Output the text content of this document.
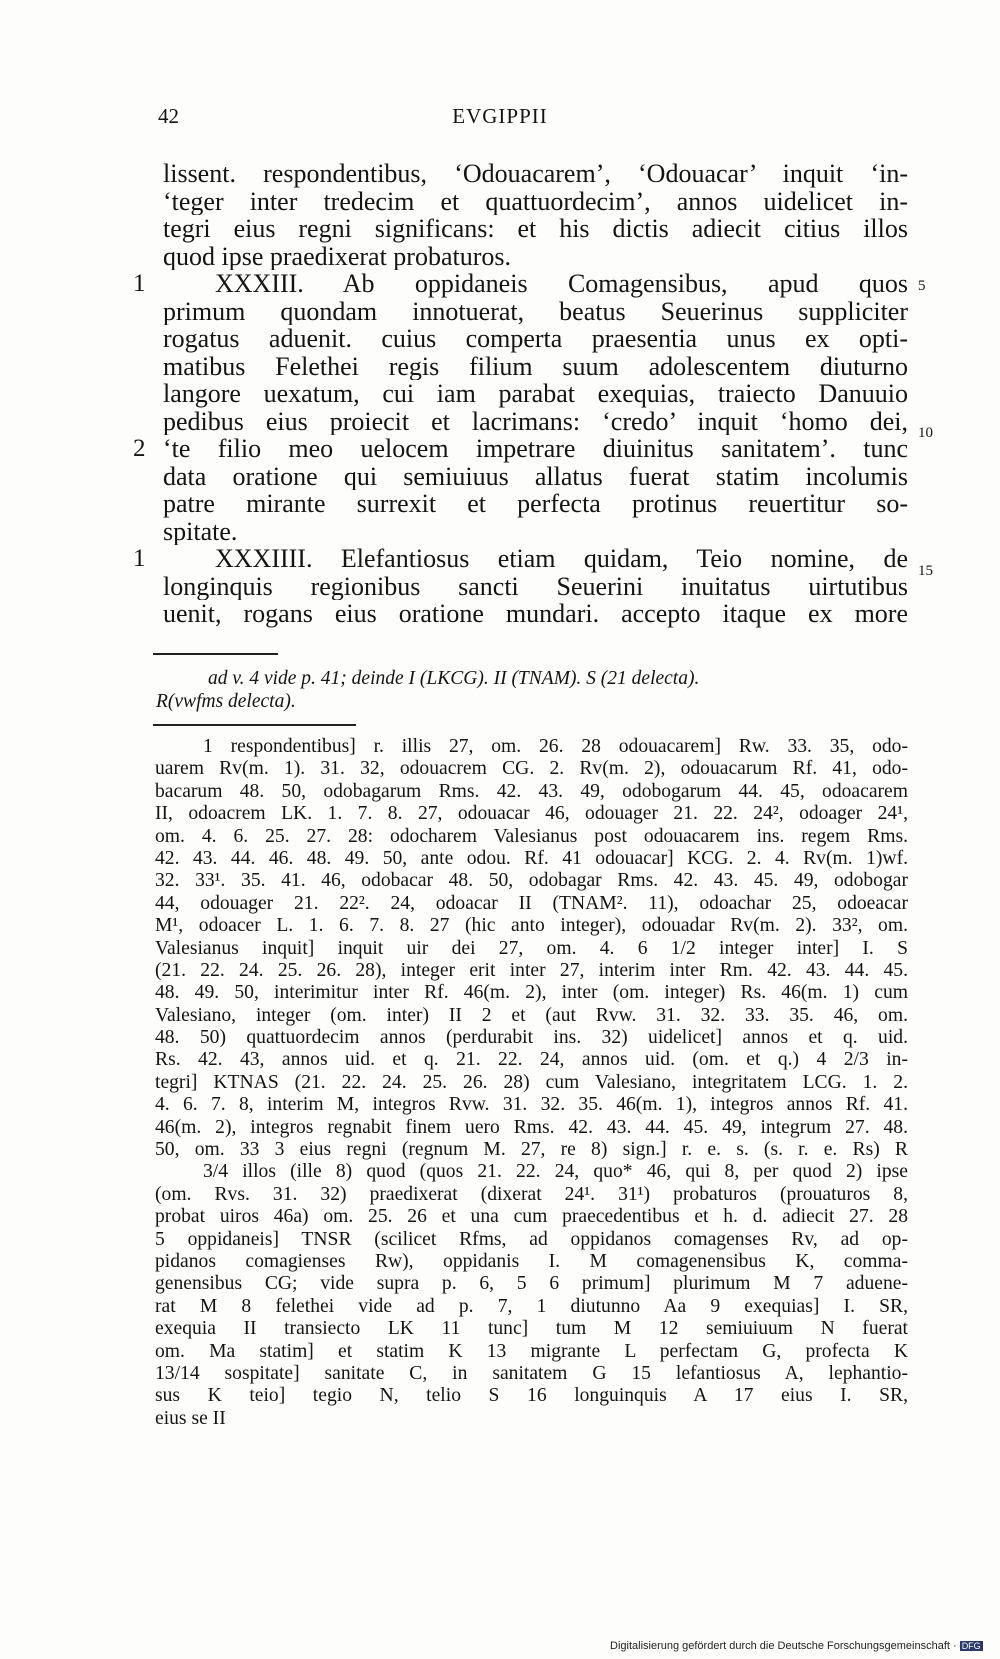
42	EVGIPPII
lissent. respondentibus, ‘Odouacarem’, ‘Odouacar’ inquit ‘in-
‘teger inter tredecim et quattuordecim’, annos uidelicet in-
tegri eius regni significans: et his dictis adiecit citius illos
quod ipse praedixerat probaturos.
XXXIII. Ab oppidaneis Comagensibus, apud quos
primum quondam innotuerat, beatus Seuerinus suppliciter
rogatus aduenit. cuius comperta praesentia unus ex opti-
matibus Felethei regis filium suum adolescentem diuturno
langore uexatum, cui iam parabat exequias, traiecto Danuuio
pedibus eius proiecit et lacrimans: ‘credo’ inquit ‘homo dei,
‘te filio meo uelocem impetrare diuinitus sanitatem’. tunc
data oratione qui semiuiuus allatus fuerat statim incolumis
patre mirante surrexit et perfecta protinus reuertitur so-
spitate.
XXXIIII. Elefantiosus etiam quidam, Teio nomine, de
longinquis regionibus sancti Seuerini inuitatus uirtutibus
uenit, rogans eius oratione mundari. accepto itaque ex more
1
2
1
5
10
15
ad v. 4 vide p. 41; deinde I (LKCG). II (TNAM). S (21 delecta).
R(vwfms delecta).
1 respondentibus] r. illis 27, om. 26. 28 odouacarem] Rw. 33. 35, odo-
uarem Rv(m. 1). 31. 32, odouacrem CG. 2. Rv(m. 2), odouacarum Rf. 41, odo-
bacarum 48. 50, odobagarum Rms. 42. 43. 49, odobogarum 44. 45, odoacarem
II, odoacrem LK. 1. 7. 8. 27, odouacar 46, odouager 21. 22. 24², odoager 24¹,
om. 4. 6. 25. 27. 28: odocharem Valesianus post odouacarem ins. regem Rms.
42. 43. 44. 46. 48. 49. 50, ante odou. Rf. 41 odouacar] KCG. 2. 4. Rv(m. 1)wf.
32. 33¹. 35. 41. 46, odobacar 48. 50, odobagar Rms. 42. 43. 45. 49, odobogar
44, odouager 21. 22². 24, odoacar II (TNAM². 11), odoachar 25, odoeacar
M¹, odoacer L. 1. 6. 7. 8. 27 (hic anto integer), odouadar Rv(m. 2). 33², om.
Valesianus inquit] inquit uir dei 27, om. 4. 6 1/2 integer inter] I. S
(21. 22. 24. 25. 26. 28), integer erit inter 27, interim inter Rm. 42. 43. 44. 45.
48. 49. 50, interimitur inter Rf. 46(m. 2), inter (om. integer) Rs. 46(m. 1) cum
Valesiano, integer (om. inter) II 2 et (aut Rvw. 31. 32. 33. 35. 46, om.
48. 50) quattuordecim annos (perdurabit ins. 32) uidelicet] annos et q. uid.
Rs. 42. 43, annos uid. et q. 21. 22. 24, annos uid. (om. et q.) 4 2/3 in-
tegri] KTNAS (21. 22. 24. 25. 26. 28) cum Valesiano, integritatem LCG. 1. 2.
4. 6. 7. 8, interim M, integros Rvw. 31. 32. 35. 46(m. 1), integros annos Rf. 41.
46(m. 2), integros regnabit finem uero Rms. 42. 43. 44. 45. 49, integrum 27. 48.
50, om. 33 3 eius regni (regnum M. 27, re 8) sign.] r. e. s. (s. r. e. Rs) R
3/4 illos (ille 8) quod (quos 21. 22. 24, quo* 46, qui 8, per quod 2) ipse
(om. Rvs. 31. 32) praedixerat (dixerat 24¹. 31¹) probaturos (prouaturos 8,
probat uiros 46a) om. 25. 26 et una cum praecedentibus et h. d. adiecit 27. 28
5 oppidaneis] TNSR (scilicet Rfms, ad oppidanos comagenses Rv, ad op-
pidanos comagienses Rw), oppidanis I. M comagenensibus K, comma-
genensibus CG; vide supra p. 6, 5 6 primum] plurimum M 7 aduene-
rat M 8 felethei vide ad p. 7, 1 diutunno Aa 9 exequias] I. SR,
exequia II transiecto LK 11 tunc] tum M 12 semiuiuum N fuerat
om. Ma statim] et statim K 13 migrante L perfectam G, profecta K
13/14 sospitate] sanitate C, in sanitatem G 15 lefantiosus A, lephantio-
sus K teio] tegio N, telio S 16 longuinquis A 17 eius I. SR,
eius se II
Digitalisierung gefördert durch die Deutsche Forschungsgemeinschaft · DFG
